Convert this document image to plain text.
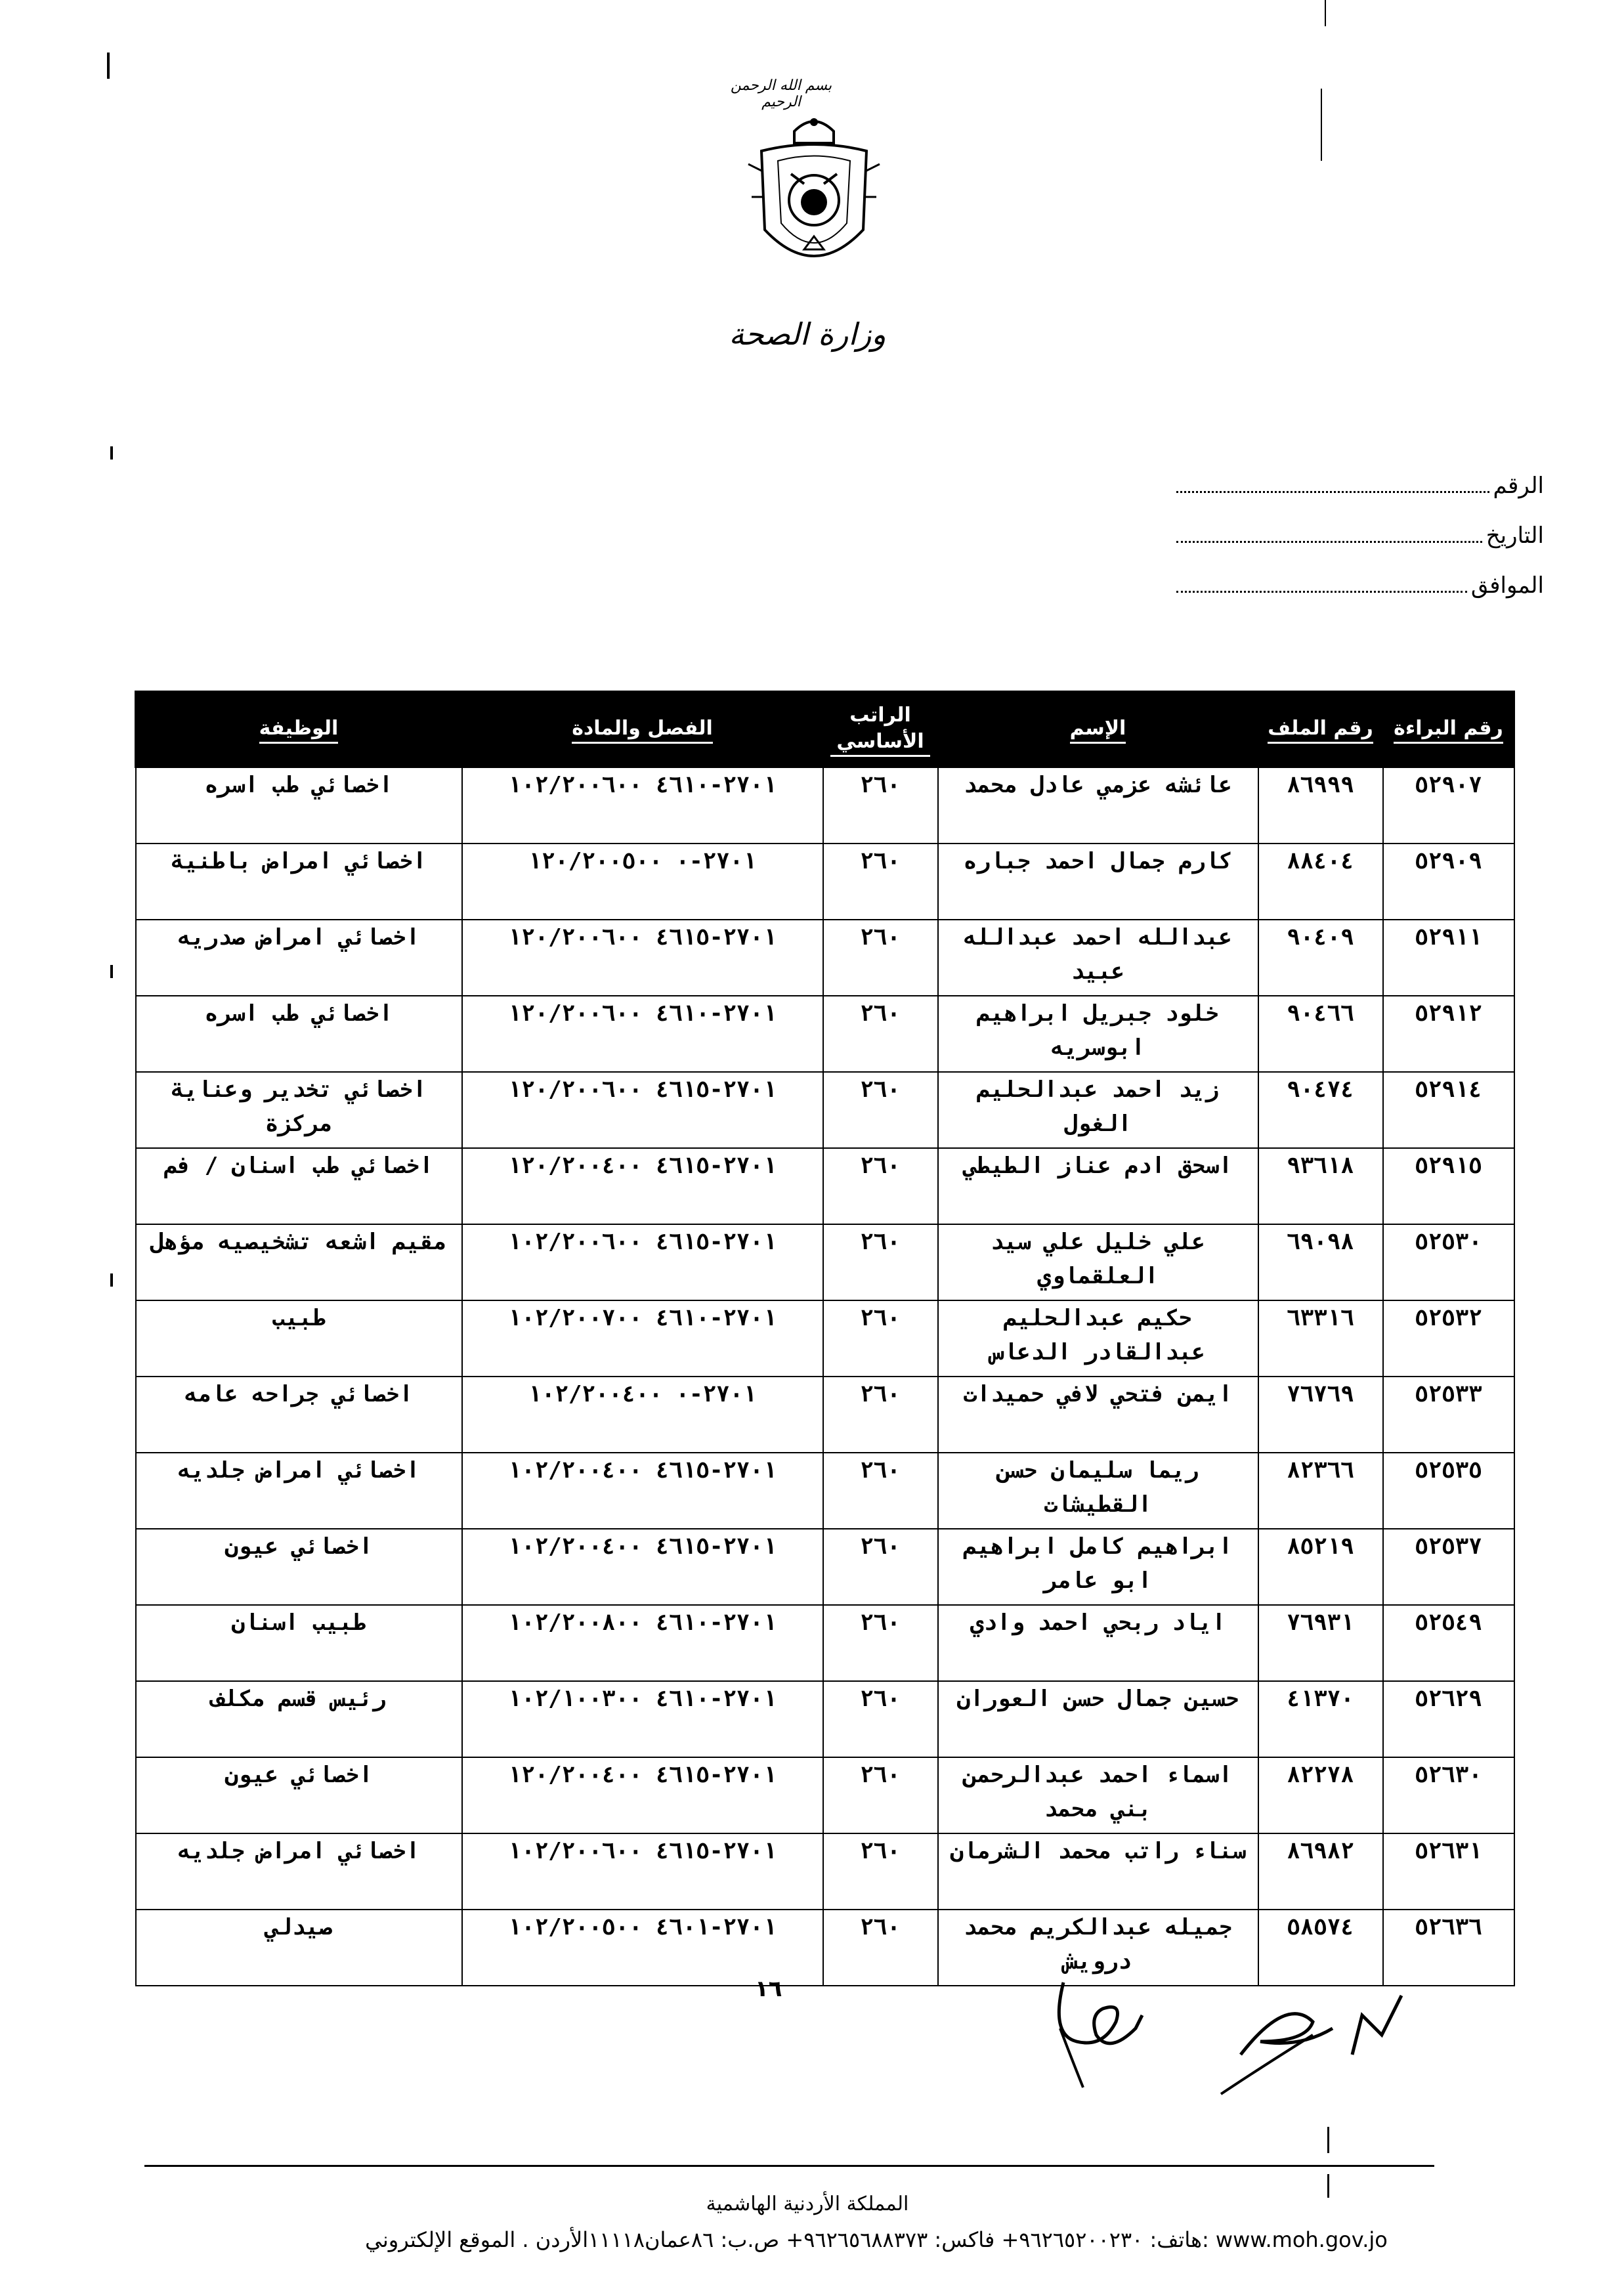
بسم الله الرحمن الرحيم
وزارة الصحة
الرقم
التاريخ
الموافق
رقم البراءة	رقم الملف	الإسم	الراتب الأساسي	الفصل والمادة	الوظيفة
٥٢٩٠٧	٨٦٩٩٩	عائشه عزمي عادل محمد	٢٦٠	٢٧٠١-٤٦١٠ ١٠٢/٢٠٠٦٠٠	اخصائي طب اسره
٥٢٩٠٩	٨٨٤٠٤	كارم جمال احمد جباره	٢٦٠	٢٧٠١-٠ ١٢٠/٢٠٠٥٠٠	اخصائي امراض باطنية
٥٢٩١١	٩٠٤٠٩	عبدالله احمد عبدالله عبيد	٢٦٠	٢٧٠١-٤٦١٥ ١٢٠/٢٠٠٦٠٠	اخصائي امراض صدريه
٥٢٩١٢	٩٠٤٦٦	خلود جبريل ابراهيم ابوسريه	٢٦٠	٢٧٠١-٤٦١٠ ١٢٠/٢٠٠٦٠٠	اخصائي طب اسره
٥٢٩١٤	٩٠٤٧٤	زيد احمد عبدالحليم الغول	٢٦٠	٢٧٠١-٤٦١٥ ١٢٠/٢٠٠٦٠٠	اخصائي تخدير وعناية مركزة
٥٢٩١٥	٩٣٦١٨	اسحق ادم عناز الطيطي	٢٦٠	٢٧٠١-٤٦١٥ ١٢٠/٢٠٠٤٠٠	اخصائي طب اسنان / فم
٥٢٥٣٠	٦٩٠٩٨	علي خليل علي سيد العلقماوي	٢٦٠	٢٧٠١-٤٦١٥ ١٠٢/٢٠٠٦٠٠	مقيم اشعه تشخيصيه مؤهل
٥٢٥٣٢	٦٣٣١٦	حكيم عبدالحليم عبدالقادر الدعاس	٢٦٠	٢٧٠١-٤٦١٠ ١٠٢/٢٠٠٧٠٠	طبيب
٥٢٥٣٣	٧٦٧٦٩	ايمن فتحي لافي حميدات	٢٦٠	٢٧٠١-٠ ١٠٢/٢٠٠٤٠٠	اخصائي جراحه عامه
٥٢٥٣٥	٨٢٣٦٦	ريما سليمان حسن القطيشات	٢٦٠	٢٧٠١-٤٦١٥ ١٠٢/٢٠٠٤٠٠	اخصائي امراض جلديه
٥٢٥٣٧	٨٥٢١٩	ابراهيم كامل ابراهيم ابو عامر	٢٦٠	٢٧٠١-٤٦١٥ ١٠٢/٢٠٠٤٠٠	اخصائي عيون
٥٢٥٤٩	٧٦٩٣١	اياد ربحي احمد وادي	٢٦٠	٢٧٠١-٤٦١٠ ١٠٢/٢٠٠٨٠٠	طبيب اسنان
٥٢٦٢٩	٤١٣٧٠	حسين جمال حسن العوران	٢٦٠	٢٧٠١-٤٦١٠ ١٠٢/١٠٠٣٠٠	رئيس قسم مكلف
٥٢٦٣٠	٨٢٢٧٨	اسماء احمد عبدالرحمن بني محمد	٢٦٠	٢٧٠١-٤٦١٥ ١٢٠/٢٠٠٤٠٠	اخصائي عيون
٥٢٦٣١	٨٦٩٨٢	سناء راتب محمد الشرمان	٢٦٠	٢٧٠١-٤٦١٥ ١٠٢/٢٠٠٦٠٠	اخصائي امراض جلديه
٥٢٦٣٦	٥٨٥٧٤	جميله عبدالكريم محمد درويش	٢٦٠	٢٧٠١-٤٦٠١ ١٠٢/٢٠٠٥٠٠	صيدلي
١٦
المملكة الأردنية الهاشمية
هاتف: ٩٦٢٦٥٢٠٠٢٣٠+ فاكس: ٩٦٢٦٥٦٨٨٣٧٣+ ص.ب: ٨٦عمان١١١١٨الأردن . الموقع الإلكتروني: www.moh.gov.jo
